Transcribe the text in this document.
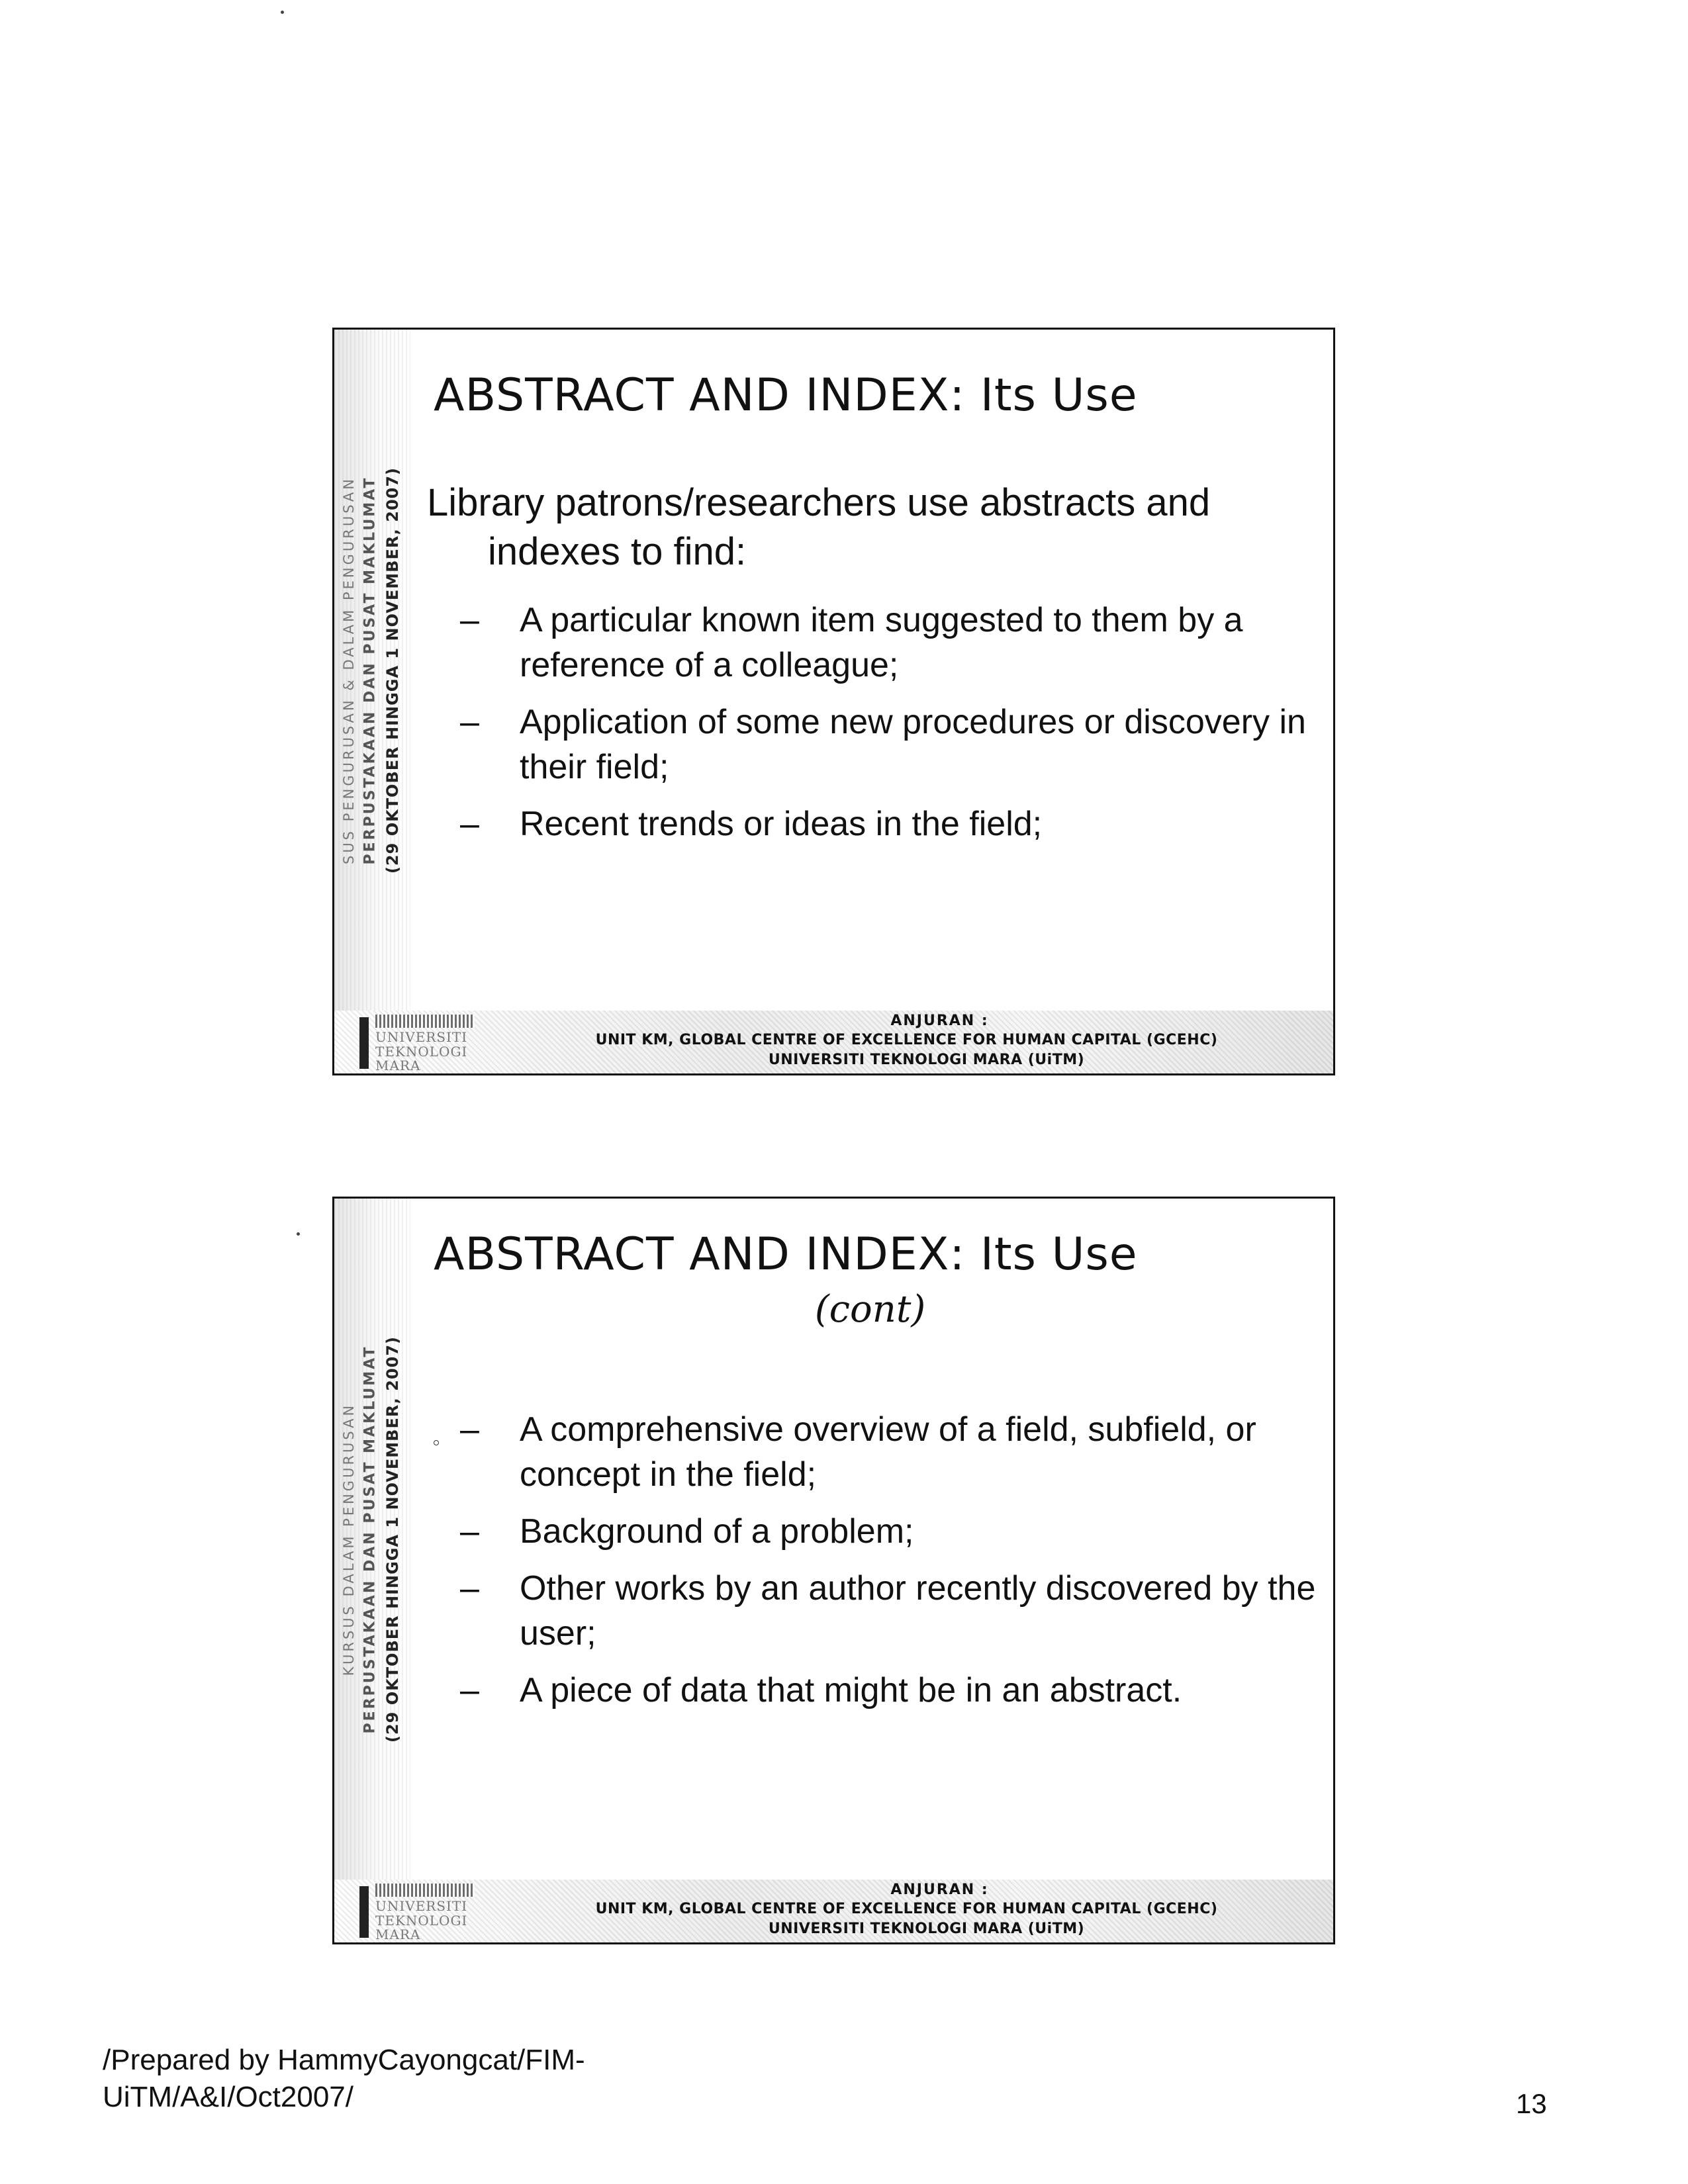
SUS PENGURUSAN & DALAM PENGURUSAN PERPUSTAKAAN DAN PUSAT MAKLUMAT (29 OKTOBER HINGGA 1 NOVEMBER, 2007)
ABSTRACT AND INDEX: Its Use
Library patrons/researchers use abstracts and indexes to find:
– A particular known item suggested to them by a reference of a colleague;
– Application of some new procedures or discovery in their field;
– Recent trends or ideas in the field;
UNIVERSITI
TEKNOLOGI
MARA
ANJURAN :
UNIT KM, GLOBAL CENTRE OF EXCELLENCE FOR HUMAN CAPITAL (GCEHC)
UNIVERSITI TEKNOLOGI MARA (UiTM)
KURSUS DALAM PENGURUSAN PERPUSTAKAAN DAN PUSAT MAKLUMAT (29 OKTOBER HINGGA 1 NOVEMBER, 2007)
ABSTRACT AND INDEX: Its Use
(cont)
– A comprehensive overview of a field, subfield, or concept in the field;
– Background of a problem;
– Other works by an author recently discovered by the user;
– A piece of data that might be in an abstract.
UNIVERSITI
TEKNOLOGI
MARA
ANJURAN :
UNIT KM, GLOBAL CENTRE OF EXCELLENCE FOR HUMAN CAPITAL (GCEHC)
UNIVERSITI TEKNOLOGI MARA (UiTM)
/Prepared by HammyCayongcat/FIM-UiTM/A&I/Oct2007/	13
